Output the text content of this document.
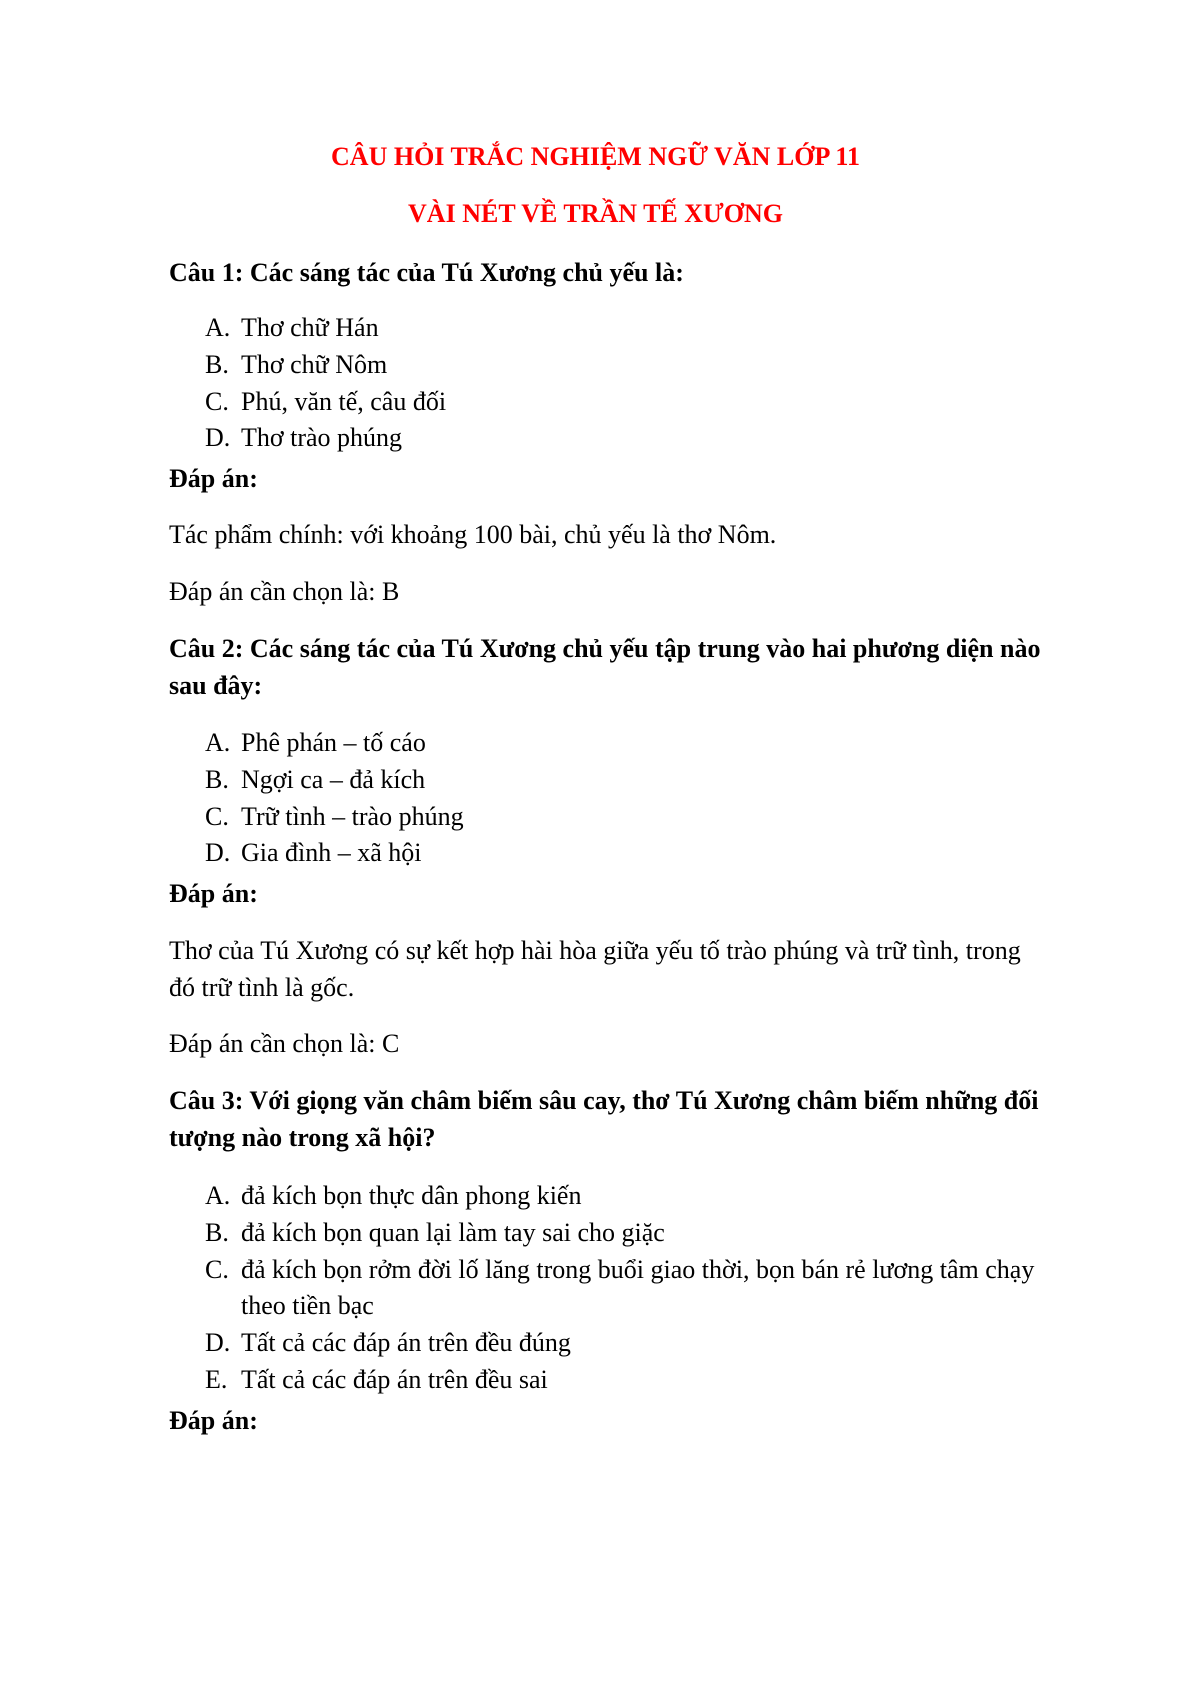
CÂU HỎI TRẮC NGHIỆM NGỮ VĂN LỚP 11
VÀI NÉT VỀ TRẦN TẾ XƯƠNG
Câu 1: Các sáng tác của Tú Xương chủ yếu là:
A. Thơ chữ Hán
B. Thơ chữ Nôm
C. Phú, văn tế, câu đối
D. Thơ trào phúng
Đáp án:
Tác phẩm chính: với khoảng 100 bài, chủ yếu là thơ Nôm.
Đáp án cần chọn là: B
Câu 2: Các sáng tác của Tú Xương chủ yếu tập trung vào hai phương diện nào sau đây:
A. Phê phán – tố cáo
B. Ngợi ca – đả kích
C. Trữ tình – trào phúng
D. Gia đình – xã hội
Đáp án:
Thơ của Tú Xương có sự kết hợp hài hòa giữa yếu tố trào phúng và trữ tình, trong đó trữ tình là gốc.
Đáp án cần chọn là: C
Câu 3: Với giọng văn châm biếm sâu cay, thơ Tú Xương châm biếm những đối tượng nào trong xã hội?
A. đả kích bọn thực dân phong kiến
B. đả kích bọn quan lại làm tay sai cho giặc
C. đả kích bọn rởm đời lố lăng trong buổi giao thời, bọn bán rẻ lương tâm chạy theo tiền bạc
D. Tất cả các đáp án trên đều đúng
E. Tất cả các đáp án trên đều sai
Đáp án:
